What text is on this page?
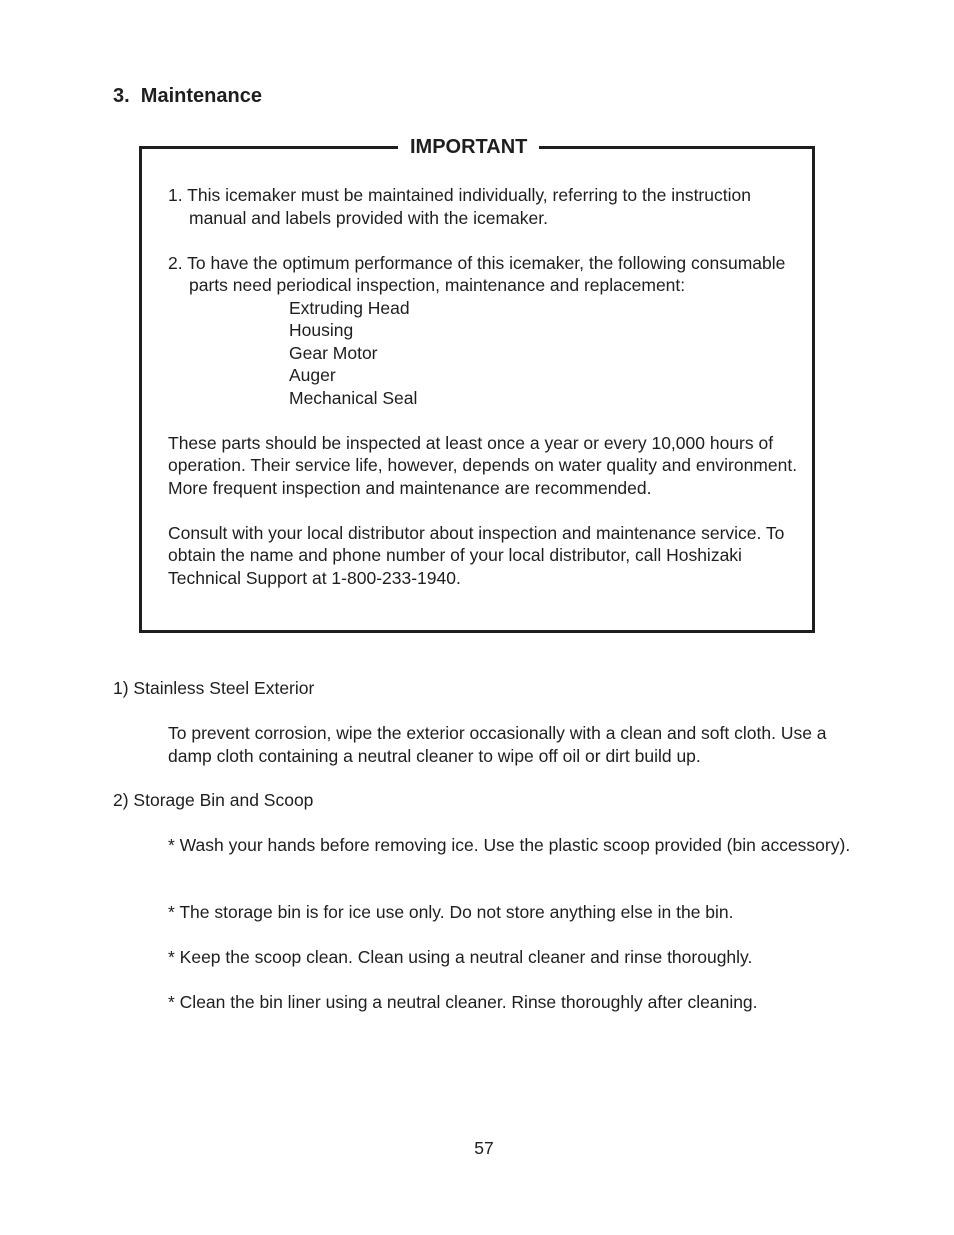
3.  Maintenance
IMPORTANT
1. This icemaker must be maintained individually, referring to the instruction manual and labels provided with the icemaker.
2. To have the optimum performance of this icemaker, the following consumable parts need periodical inspection, maintenance and replacement:
Extruding Head
Housing
Gear Motor
Auger
Mechanical Seal
These parts should be inspected at least once a year or every 10,000 hours of operation. Their service life, however, depends on water quality and environment. More frequent inspection and maintenance are recommended.
Consult with your local distributor about inspection and maintenance service. To obtain the name and phone number of your local distributor, call Hoshizaki Technical Support at 1-800-233-1940.
1) Stainless Steel Exterior
To prevent corrosion, wipe the exterior occasionally with a clean and soft cloth. Use a damp cloth containing a neutral cleaner to wipe off oil or dirt build up.
2) Storage Bin and Scoop
* Wash your hands before removing ice. Use the plastic scoop provided (bin accessory).
* The storage bin is for ice use only. Do not store anything else in the bin.
* Keep the scoop clean. Clean using a neutral cleaner and rinse thoroughly.
* Clean the bin liner using a neutral cleaner. Rinse thoroughly after cleaning.
57
